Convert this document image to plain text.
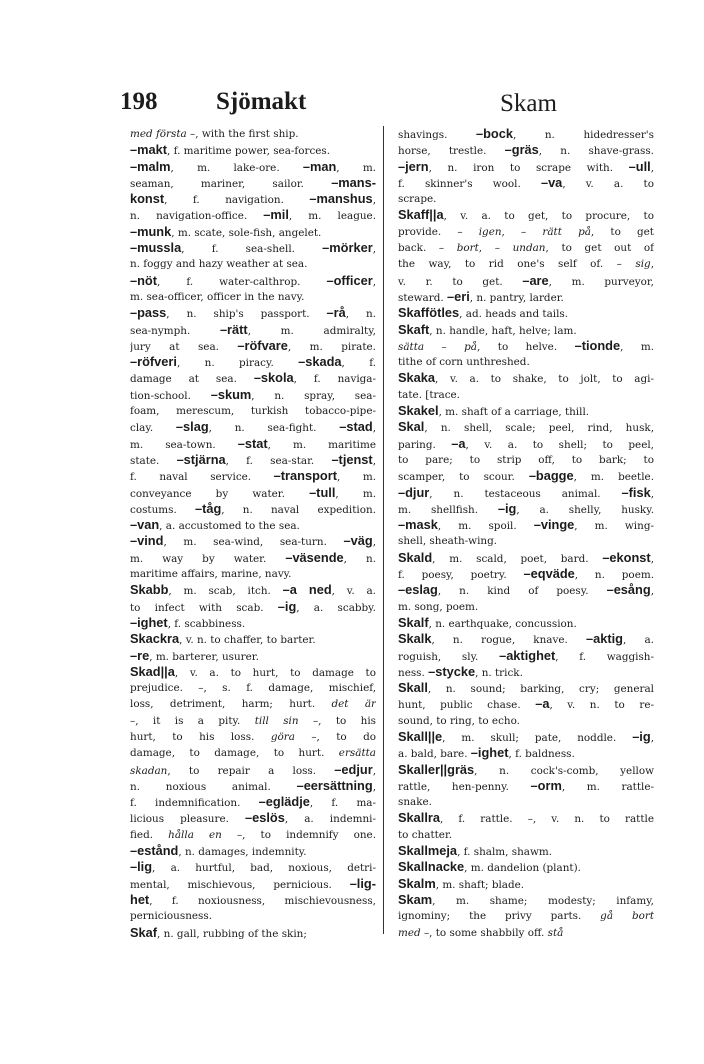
198 Sjömakt	Skam
med första –, with the first ship.
–makt, f. maritime power, sea-forces.
–malm, m. lake-ore. –man, m.
seaman, mariner, sailor. –mans-
konst, f. navigation. –manshus,
n. navigation-office. –mil, m. league.
–munk, m. scate, sole-fish, angelet.
–mussla, f. sea-shell. –mörker,
n. foggy and hazy weather at sea.
–nöt, f. water-calthrop. –officer,
m. sea-officer, officer in the navy.
–pass, n. ship's passport. –rå, n.
sea-nymph. –rätt, m. admiralty,
jury at sea. –röfvare, m. pirate.
–röfveri, n. piracy. –skada, f.
damage at sea. –skola, f. naviga-
tion-school. –skum, n. spray, sea-
foam, merescum, turkish tobacco-pipe-
clay. –slag, n. sea-fight. –stad,
m. sea-town. –stat, m. maritime
state. –stjärna, f. sea-star. –tjenst,
f. naval service. –transport, m.
conveyance by water. –tull, m.
costums. –tåg, n. naval expedition.
–van, a. accustomed to the sea.
–vind, m. sea-wind, sea-turn. –väg,
m. way by water. –väsende, n.
maritime affairs, marine, navy.
Skabb, m. scab, itch. –a ned, v. a.
to infect with scab. –ig, a. scabby.
–ighet, f. scabbiness.
Skackra, v. n. to chaffer, to barter.
–re, m. barterer, usurer.
Skad||a, v. a. to hurt, to damage to
prejudice. –, s. f. damage, mischief,
loss, detriment, harm; hurt. det är
–, it is a pity. till sin –, to his
hurt, to his loss. göra –, to do
damage, to damage, to hurt. ersätta
skadan, to repair a loss. –edjur,
n. noxious animal. –eersättning,
f. indemnification. –eglädje, f. ma-
licious pleasure. –eslös, a. indemni-
fied. hålla en –, to indemnify one.
–estånd, n. damages, indemnity.
–lig, a. hurtful, bad, noxious, detri-
mental, mischievous, pernicious. –lig-
het, f. noxiousness, mischievousness,
perniciousness.
Skaf, n. gall, rubbing of the skin;
shavings. –bock, n. hidedresser's
horse, trestle. –gräs, n. shave-grass.
–jern, n. iron to scrape with. –ull,
f. skinner's wool. –va, v. a. to
scrape.
Skaff||a, v. a. to get, to procure, to
provide. – igen, – rätt på, to get
back. – bort, – undan, to get out of
the way, to rid one's self of. – sig,
v. r. to get. –are, m. purveyor,
steward. –eri, n. pantry, larder.
Skaffötles, ad. heads and tails.
Skaft, n. handle, haft, helve; lam.
sätta – på, to helve. –tionde, m.
tithe of corn unthreshed.
Skaka, v. a. to shake, to jolt, to agi-
tate. [trace.
Skakel, m. shaft of a carriage, thill.
Skal, n. shell, scale; peel, rind, husk,
paring. –a, v. a. to shell; to peel,
to pare; to strip off, to bark; to
scamper, to scour. –bagge, m. beetle.
–djur, n. testaceous animal. –fisk,
m. shellfish. –ig, a. shelly, husky.
–mask, m. spoil. –vinge, m. wing-
shell, sheath-wing.
Skald, m. scald, poet, bard. –ekonst,
f. poesy, poetry. –eqväde, n. poem.
–eslag, n. kind of poesy. –esång,
m. song, poem.
Skalf, n. earthquake, concussion.
Skalk, n. rogue, knave. –aktig, a.
roguish, sly. –aktighet, f. waggish-
ness. –stycke, n. trick.
Skall, n. sound; barking, cry; general
hunt, public chase. –a, v. n. to re-
sound, to ring, to echo.
Skall||e, m. skull; pate, noddle. –ig,
a. bald, bare. –ighet, f. baldness.
Skaller||gräs, n. cock's-comb, yellow
rattle, hen-penny. –orm, m. rattle-
snake.
Skallra, f. rattle. –, v. n. to rattle
to chatter.
Skallmeja, f. shalm, shawm.
Skallnacke, m. dandelion (plant).
Skalm, m. shaft; blade.
Skam, m. shame; modesty; infamy,
ignominy; the privy parts. gå bort
med –, to some shabbily off. stå
